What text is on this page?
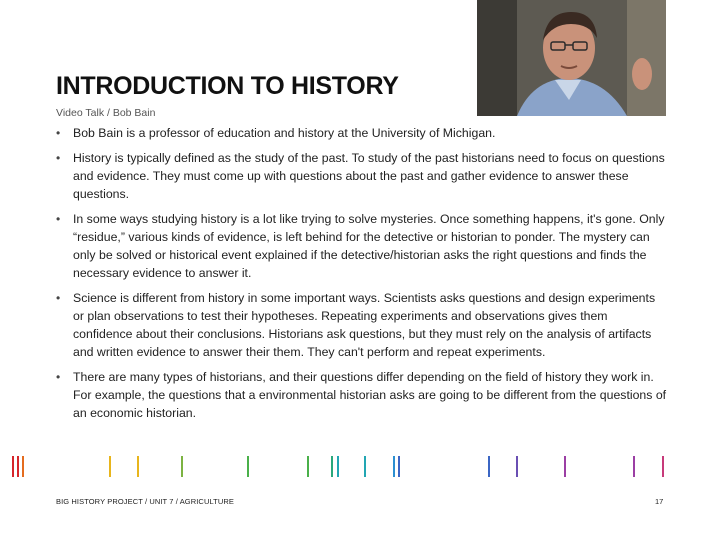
INTRODUCTION TO HISTORY
Video Talk / Bob Bain
• Bob Bain is a professor of education and history at the University of Michigan.
• History is typically defined as the study of the past. To study of the past historians need to focus on questions and evidence. They must come up with questions about the past and gather evidence to answer these questions.
• In some ways studying history is a lot like trying to solve mysteries. Once something happens, it's gone. Only “residue,” various kinds of evidence, is left behind for the detective or historian to ponder. The mystery can only be solved or historical event explained if the detective/historian asks the right questions and finds the necessary evidence to answer it.
• Science is different from history in some important ways. Scientists asks questions and design experiments or plan observations to test their hypotheses. Repeating experiments and observations gives them confidence about their conclusions. Historians ask questions, but they must rely on the analysis of artifacts and written evidence to answer their them. They can't perform and repeat experiments.
• There are many types of historians, and their questions differ depending on the field of history they work in. For example, the questions that a environmental historian asks are going to be different from the questions of an economic historian.
BIG HISTORY PROJECT / UNIT 7 / AGRICULTURE	17
